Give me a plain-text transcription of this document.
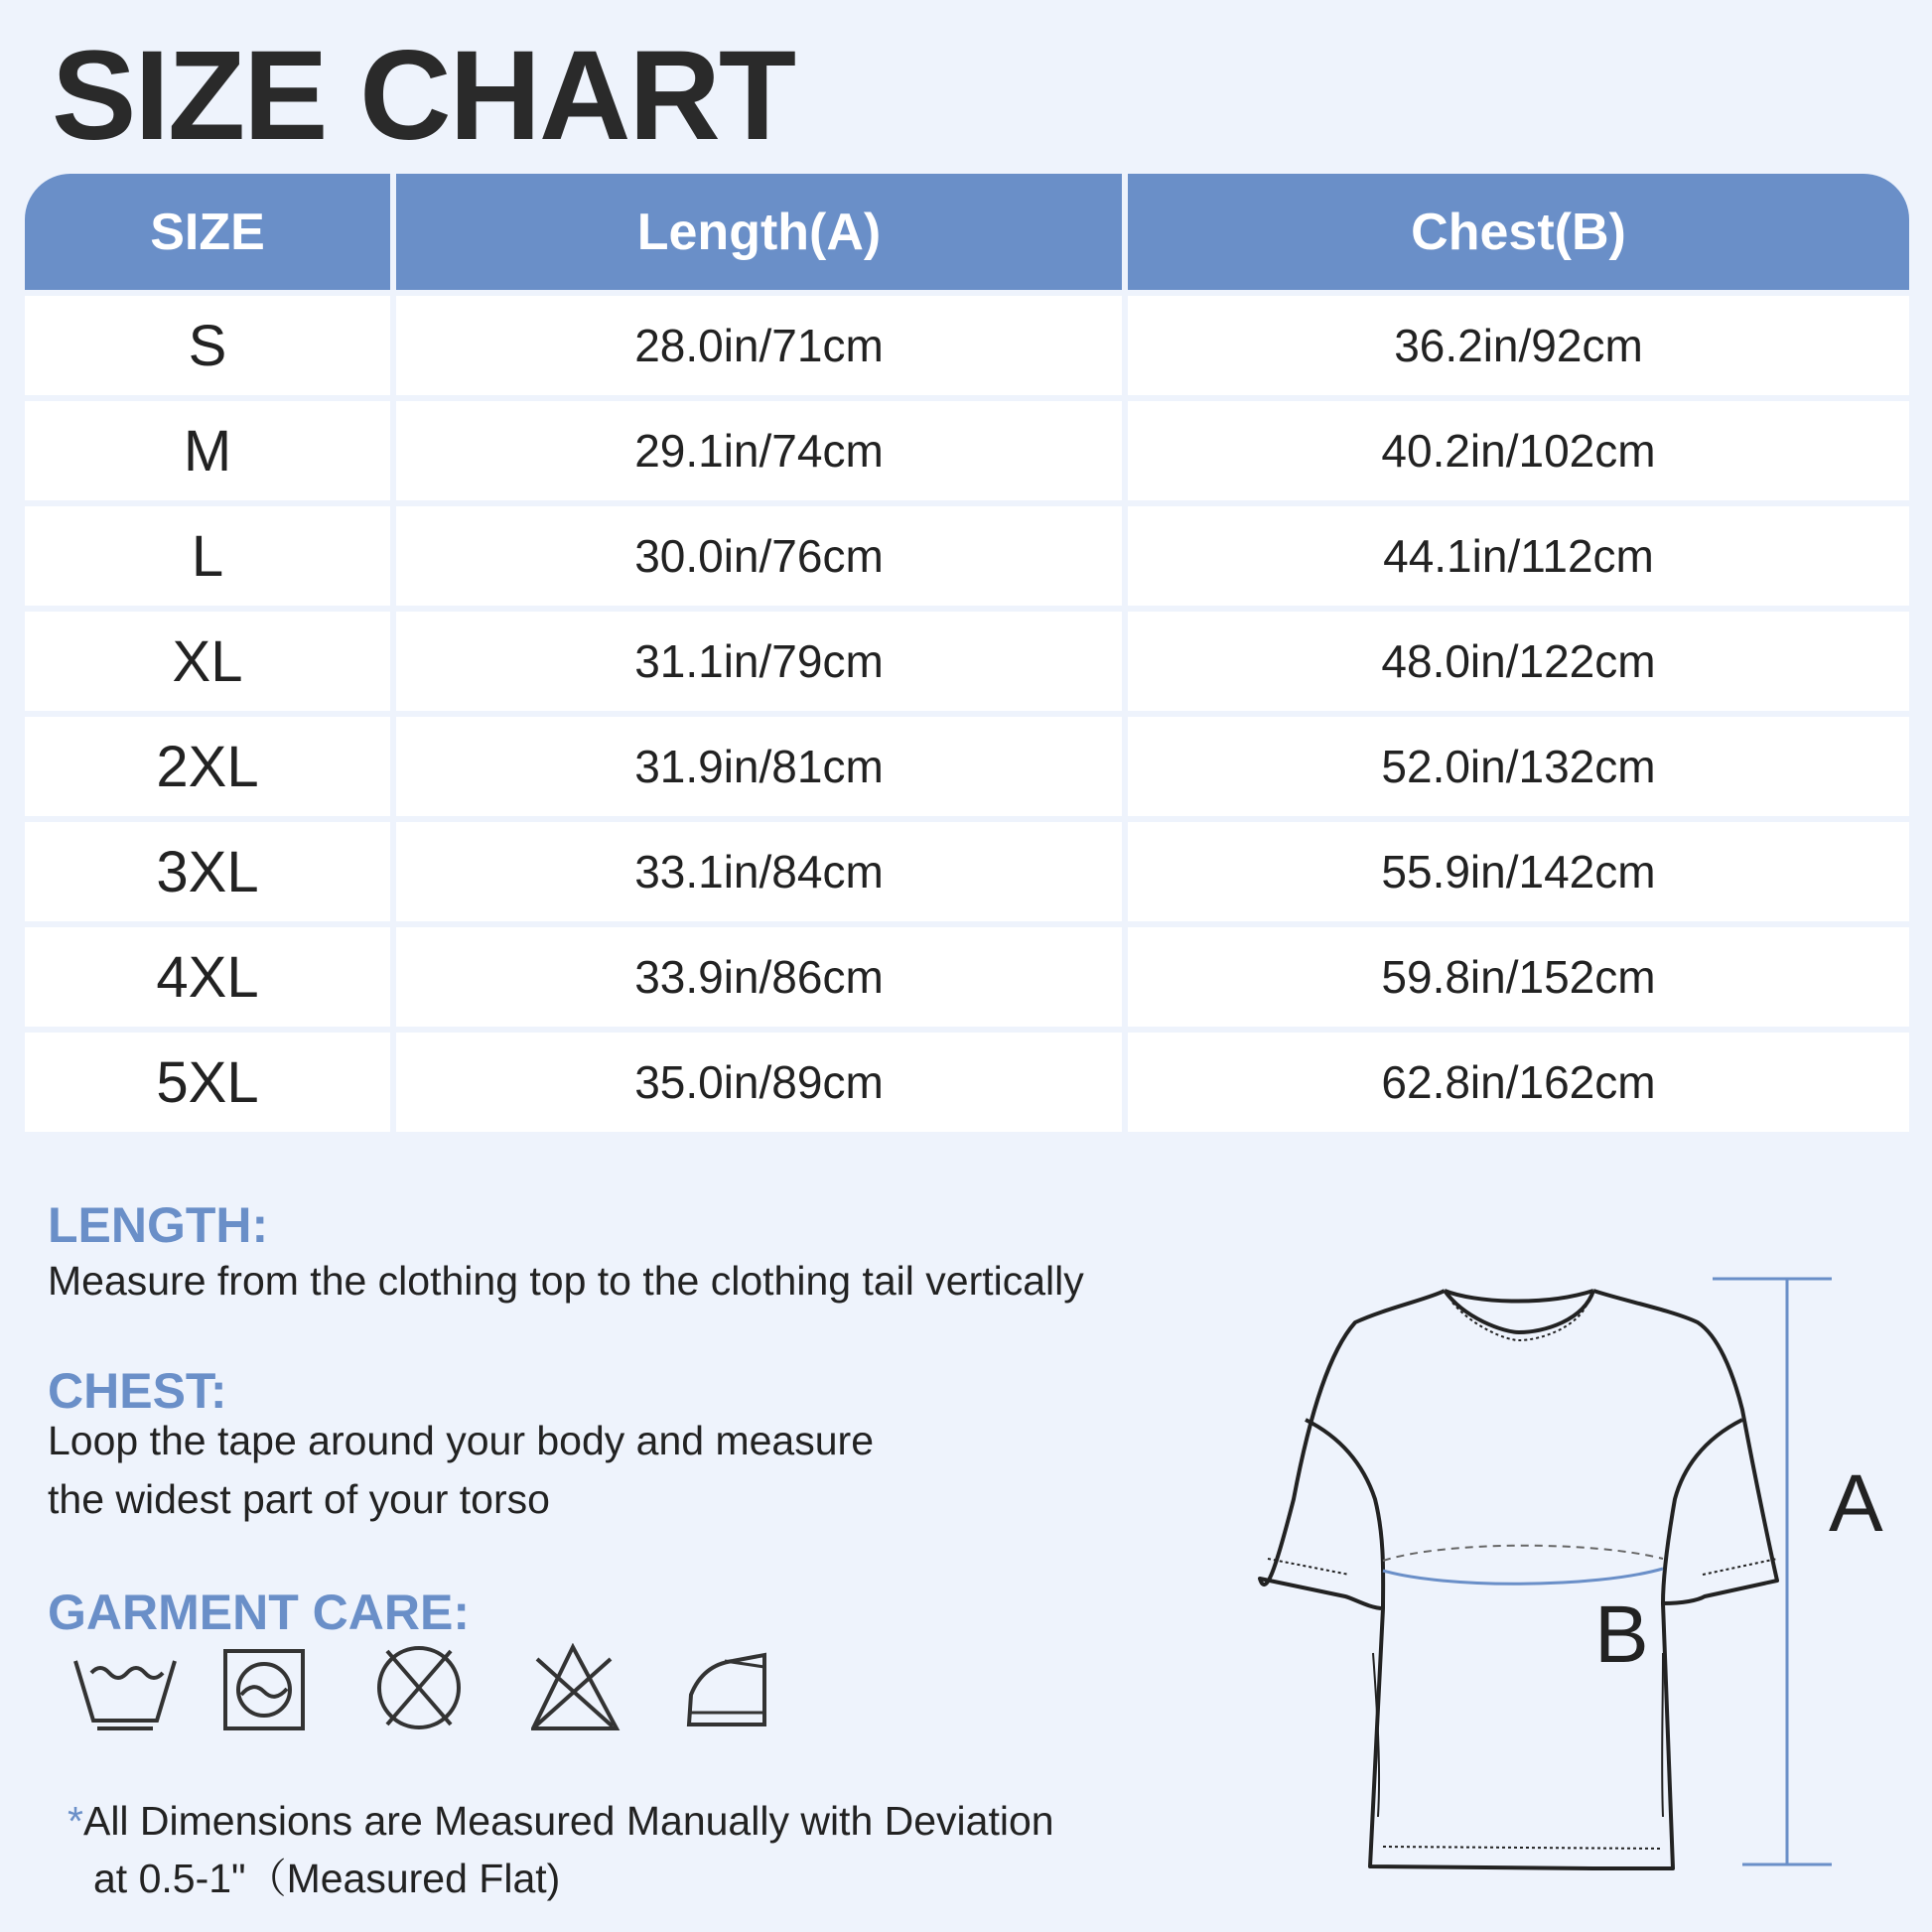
SIZE CHART
SIZE	Length(A)	Chest(B)
S	28.0in/71cm	36.2in/92cm
M	29.1in/74cm	40.2in/102cm
L	30.0in/76cm	44.1in/112cm
XL	31.1in/79cm	48.0in/122cm
2XL	31.9in/81cm	52.0in/132cm
3XL	33.1in/84cm	55.9in/142cm
4XL	33.9in/86cm	59.8in/152cm
5XL	35.0in/89cm	62.8in/162cm
LENGTH:
Measure from the clothing top to the clothing tail vertically
CHEST:
Loop the tape around your body and measure
the widest part of your torso
GARMENT CARE:
*All Dimensions are Measured Manually with Deviation
at 0.5-1"（Measured Flat)
A
B
